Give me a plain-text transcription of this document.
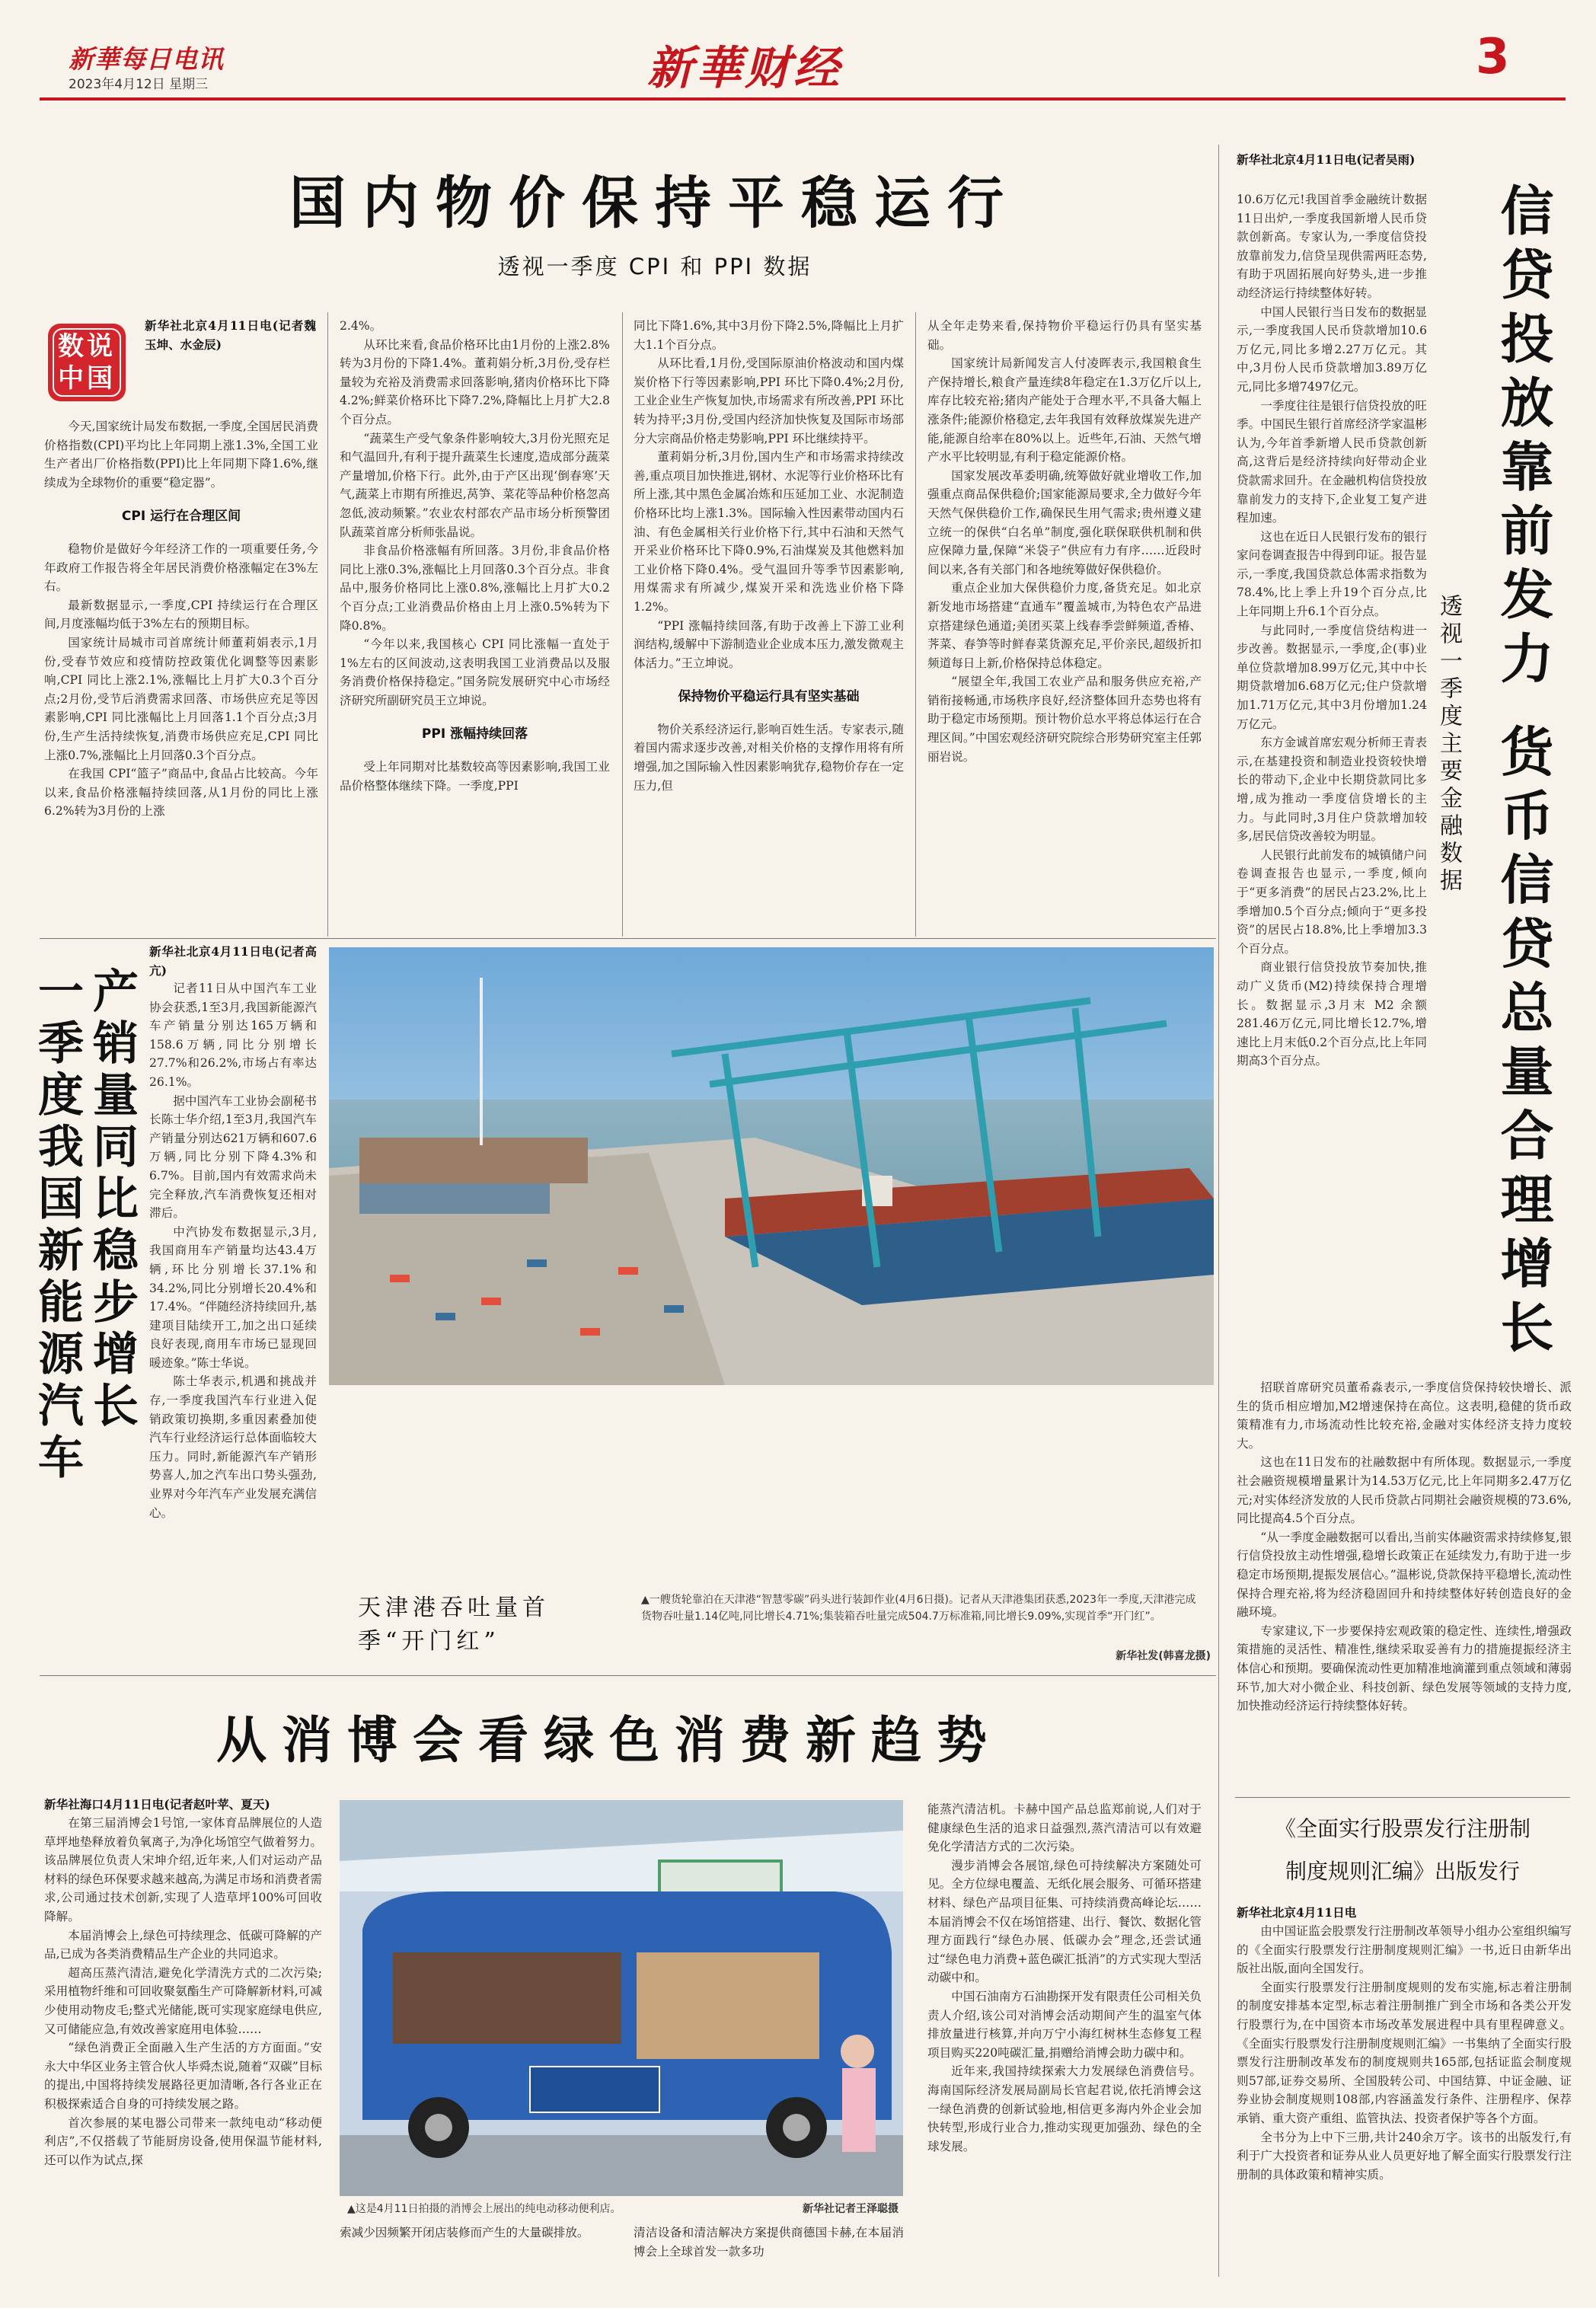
新華每日电讯
2023年4月12日 星期三	新華财经	3
国内物价保持平稳运行
透视一季度 CPI 和 PPI 数据
数说中国

新华社北京4月11日电(记者魏玉坤、水金辰)

今天,国家统计局发布数据,一季度,全国居民消费价格指数(CPI)平均比上年同期上涨1.3%,全国工业生产者出厂价格指数(PPI)比上年同期下降1.6%,继续成为全球物价的重要“稳定器”。

CPI 运行在合理区间

稳物价是做好今年经济工作的一项重要任务,今年政府工作报告将全年居民消费价格涨幅定在3%左右。

最新数据显示,一季度,CPI 持续运行在合理区间,月度涨幅均低于3%左右的预期目标。

国家统计局城市司首席统计师董莉娟表示,1月份,受春节效应和疫情防控政策优化调整等因素影响,CPI 同比上涨2.1%,涨幅比上月扩大0.3个百分点;2月份,受节后消费需求回落、市场供应充足等因素影响,CPI 同比涨幅比上月回落1.1个百分点;3月份,生产生活持续恢复,消费市场供应充足,CPI 同比上涨0.7%,涨幅比上月回落0.3个百分点。

在我国 CPI“篮子”商品中,食品占比较高。今年以来,食品价格涨幅持续回落,从1月份的同比上涨6.2%转为3月份的上涨

2.4%。

从环比来看,食品价格环比由1月份的上涨2.8%转为3月份的下降1.4%。董莉娟分析,3月份,受存栏量较为充裕及消费需求回落影响,猪肉价格环比下降4.2%;鲜菜价格环比下降7.2%,降幅比上月扩大2.8个百分点。

“蔬菜生产受气象条件影响较大,3月份光照充足和气温回升,有利于提升蔬菜生长速度,造成部分蔬菜产量增加,价格下行。此外,由于产区出现‘倒春寒’天气,蔬菜上市期有所推迟,莴笋、菜花等品种价格忽高忽低,波动频繁。”农业农村部农产品市场分析预警团队蔬菜首席分析师张晶说。

非食品价格涨幅有所回落。3月份,非食品价格同比上涨0.3%,涨幅比上月回落0.3个百分点。非食品中,服务价格同比上涨0.8%,涨幅比上月扩大0.2个百分点;工业消费品价格由上月上涨0.5%转为下降0.8%。

“今年以来,我国核心 CPI 同比涨幅一直处于1%左右的区间波动,这表明我国工业消费品以及服务消费价格保持稳定。”国务院发展研究中心市场经济研究所副研究员王立坤说。

PPI 涨幅持续回落

受上年同期对比基数较高等因素影响,我国工业品价格整体继续下降。一季度,PPI

同比下降1.6%,其中3月份下降2.5%,降幅比上月扩大1.1个百分点。

从环比看,1月份,受国际原油价格波动和国内煤炭价格下行等因素影响,PPI 环比下降0.4%;2月份,工业企业生产恢复加快,市场需求有所改善,PPI 环比转为持平;3月份,受国内经济加快恢复及国际市场部分大宗商品价格走势影响,PPI 环比继续持平。

董莉娟分析,3月份,国内生产和市场需求持续改善,重点项目加快推进,钢材、水泥等行业价格环比有所上涨,其中黑色金属冶炼和压延加工业、水泥制造价格环比均上涨1.3%。国际输入性因素带动国内石油、有色金属相关行业价格下行,其中石油和天然气开采业价格环比下降0.9%,石油煤炭及其他燃料加工业价格下降0.4%。受气温回升等季节因素影响,用煤需求有所减少,煤炭开采和洗选业价格下降1.2%。

“PPI 涨幅持续回落,有助于改善上下游工业利润结构,缓解中下游制造业企业成本压力,激发微观主体活力。”王立坤说。

保持物价平稳运行具有坚实基础

物价关系经济运行,影响百姓生活。专家表示,随着国内需求逐步改善,对相关价格的支撑作用将有所增强,加之国际输入性因素影响犹存,稳物价存在一定压力,但

从全年走势来看,保持物价平稳运行仍具有坚实基础。

国家统计局新闻发言人付凌晖表示,我国粮食生产保持增长,粮食产量连续8年稳定在1.3万亿斤以上,库存比较充裕;猪肉产能处于合理水平,不具备大幅上涨条件;能源价格稳定,去年我国有效释放煤炭先进产能,能源自给率在80%以上。近些年,石油、天然气增产水平比较明显,有利于稳定能源价格。

国家发展改革委明确,统筹做好就业增收工作,加强重点商品保供稳价;国家能源局要求,全力做好今年天然气保供稳价工作,确保民生用气需求;贵州遵义建立统一的保供“白名单”制度,强化联保联供机制和供应保障力量,保障“米袋子”供应有力有序……近段时间以来,各有关部门和各地统筹做好保供稳价。

重点企业加大保供稳价力度,备货充足。如北京新发地市场搭建“直通车”覆盖城市,为特色农产品进京搭建绿色通道;美团买菜上线春季尝鲜频道,香椿、荠菜、春笋等时鲜春菜货源充足,平价亲民,超级折扣频道每日上新,价格保持总体稳定。

“展望全年,我国工农业产品和服务供应充裕,产销衔接畅通,市场秩序良好,经济整体回升态势也将有助于稳定市场预期。预计物价总水平将总体运行在合理区间。”中国宏观经济研究院综合形势研究室主任郭丽岩说。	信贷投放靠前发力 货币信贷总量合理增长
透视一季度主要金融数据

新华社北京4月11日电(记者吴雨)

10.6万亿元!我国首季金融统计数据11日出炉,一季度我国新增人民币贷款创新高。专家认为,一季度信贷投放靠前发力,信贷呈现供需两旺态势,有助于巩固拓展向好势头,进一步推动经济运行持续整体好转。

中国人民银行当日发布的数据显示,一季度我国人民币贷款增加10.6万亿元,同比多增2.27万亿元。其中,3月份人民币贷款增加3.89万亿元,同比多增7497亿元。

一季度往往是银行信贷投放的旺季。中国民生银行首席经济学家温彬认为,今年首季新增人民币贷款创新高,这背后是经济持续向好带动企业贷款需求回升。在金融机构信贷投放靠前发力的支持下,企业复工复产进程加速。

这也在近日人民银行发布的银行家问卷调查报告中得到印证。报告显示,一季度,我国贷款总体需求指数为78.4%,比上季上升19个百分点,比上年同期上升6.1个百分点。

与此同时,一季度信贷结构进一步改善。数据显示,一季度,企(事)业单位贷款增加8.99万亿元,其中中长期贷款增加6.68万亿元;住户贷款增加1.71万亿元,其中3月份增加1.24万亿元。

东方金诚首席宏观分析师王青表示,在基建投资和制造业投资较快增长的带动下,企业中长期贷款同比多增,成为推动一季度信贷增长的主力。与此同时,3月住户贷款增加较多,居民信贷改善较为明显。

人民银行此前发布的城镇储户问卷调查报告也显示,一季度,倾向于“更多消费”的居民占23.2%,比上季增加0.5个百分点;倾向于“更多投资”的居民占18.8%,比上季增加3.3个百分点。

商业银行信贷投放节奏加快,推动广义货币(M2)持续保持合理增长。数据显示,3月末 M2 余额281.46万亿元,同比增长12.7%,增速比上月末低0.2个百分点,比上年同期高3个百分点。

招联首席研究员董希淼表示,一季度信贷保持较快增长、派生的货币相应增加,M2增速保持在高位。这表明,稳健的货币政策精准有力,市场流动性比较充裕,金融对实体经济支持力度较大。

这也在11日发布的社融数据中有所体现。数据显示,一季度社会融资规模增量累计为14.53万亿元,比上年同期多2.47万亿元;对实体经济发放的人民币贷款占同期社会融资规模的73.6%,同比提高4.5个百分点。

“从一季度金融数据可以看出,当前实体融资需求持续修复,银行信贷投放主动性增强,稳增长政策正在延续发力,有助于进一步稳定市场预期,提振发展信心。”温彬说,贷款保持平稳增长,流动性保持合理充裕,将为经济稳固回升和持续整体好转创造良好的金融环境。

专家建议,下一步要保持宏观政策的稳定性、连续性,增强政策措施的灵活性、精准性,继续采取妥善有力的措施提振经济主体信心和预期。要确保流动性更加精准地滴灌到重点领域和薄弱环节,加大对小微企业、科技创新、绿色发展等领域的支持力度,加快推动经济运行持续整体好转。

一季度我国新能源汽车 产销量同比稳步增长

新华社北京4月11日电(记者高亢)

记者11日从中国汽车工业协会获悉,1至3月,我国新能源汽车产销量分别达165万辆和158.6万辆,同比分别增长27.7%和26.2%,市场占有率达26.1%。

据中国汽车工业协会副秘书长陈士华介绍,1至3月,我国汽车产销量分别达621万辆和607.6万辆,同比分别下降4.3%和6.7%。目前,国内有效需求尚未完全释放,汽车消费恢复还相对滞后。

中汽协发布数据显示,3月,我国商用车产销量均达43.4万辆,环比分别增长37.1%和34.2%,同比分别增长20.4%和17.4%。“伴随经济持续回升,基建项目陆续开工,加之出口延续良好表现,商用车市场已显现回暖迹象。”陈士华说。

陈士华表示,机遇和挑战并存,一季度我国汽车行业进入促销政策切换期,多重因素叠加使汽车行业经济运行总体面临较大压力。同时,新能源汽车产销形势喜人,加之汽车出口势头强劲,业界对今年汽车产业发展充满信心。

天津港吞吐量首季“开门红”
▲一艘货轮靠泊在天津港“智慧零碳”码头进行装卸作业(4月6日摄)。记者从天津港集团获悉,2023年一季度,天津港完成货物吞吐量1.14亿吨,同比增长4.71%;集装箱吞吐量完成504.7万标准箱,同比增长9.09%,实现首季“开门红”。
新华社发(韩喜龙摄)
从消博会看绿色消费新趋势

新华社海口4月11日电(记者赵叶苹、夏天)

在第三届消博会1号馆,一家体育品牌展位的人造草坪地垫释放着负氧离子,为净化场馆空气做着努力。该品牌展位负责人宋坤介绍,近年来,人们对运动产品材料的绿色环保要求越来越高,为满足市场和消费者需求,公司通过技术创新,实现了人造草坪100%可回收降解。

本届消博会上,绿色可持续理念、低碳可降解的产品,已成为各类消费精品生产企业的共同追求。

超高压蒸汽清洁,避免化学清洗方式的二次污染;采用植物纤维和可回收聚氨酯生产可降解新材料,可减少使用动物皮毛;整式光储能,既可实现家庭绿电供应,又可储能应急,有效改善家庭用电体验……

“绿色消费正全面融入生产生活的方方面面。”安永大中华区业务主管合伙人毕舜杰说,随着“双碳”目标的提出,中国将持续发展路径更加清晰,各行各业正在积极探索适合自身的可持续发展之路。

首次参展的某电器公司带来一款纯电动“移动便利店”,不仅搭载了节能厨房设备,使用保温节能材料,还可以作为试点,探

▲这是4月11日拍摄的消博会上展出的纯电动移动便利店。	新华社记者王泽聪摄

索减少因频繁开闭店装修而产生的大量碳排放。	清洁设备和清洁解决方案提供商德国卡赫,在本届消博会上全球首发一款多功

能蒸汽清洁机。卡赫中国产品总监郑前说,人们对于健康绿色生活的追求日益强烈,蒸汽清洁可以有效避免化学清洁方式的二次污染。

漫步消博会各展馆,绿色可持续解决方案随处可见。全方位绿电覆盖、无纸化展会服务、可循环搭建材料、绿色产品项目征集、可持续消费高峰论坛……本届消博会不仅在场馆搭建、出行、餐饮、数据化管理方面践行“绿色办展、低碳办会”理念,还尝试通过“绿色电力消费+蓝色碳汇抵消”的方式实现大型活动碳中和。

中国石油南方石油勘探开发有限责任公司相关负责人介绍,该公司对消博会活动期间产生的温室气体排放量进行核算,并向万宁小海红树林生态修复工程项目购买220吨碳汇量,捐赠给消博会助力碳中和。

近年来,我国持续探索大力发展绿色消费信号。海南国际经济发展局副局长官起君说,依托消博会这一绿色消费的创新试验地,相信更多海内外企业会加快转型,形成行业合力,推动实现更加强劲、绿色的全球发展。

《全面实行股票发行注册制
制度规则汇编》出版发行

新华社北京4月11日电

由中国证监会股票发行注册制改革领导小组办公室组织编写的《全面实行股票发行注册制度规则汇编》一书,近日由新华出版社出版,面向全国发行。

全面实行股票发行注册制度规则的发布实施,标志着注册制的制度安排基本定型,标志着注册制推广到全市场和各类公开发行股票行为,在中国资本市场改革发展进程中具有里程碑意义。《全面实行股票发行注册制度规则汇编》一书集纳了全面实行股票发行注册制改革发布的制度规则共165部,包括证监会制度规则57部,证券交易所、全国股转公司、中国结算、中证金融、证券业协会制度规则108部,内容涵盖发行条件、注册程序、保荐承销、重大资产重组、监管执法、投资者保护等各个方面。

全书分为上中下三册,共计240余万字。该书的出版发行,有利于广大投资者和证券从业人员更好地了解全面实行股票发行注册制的具体政策和精神实质。
